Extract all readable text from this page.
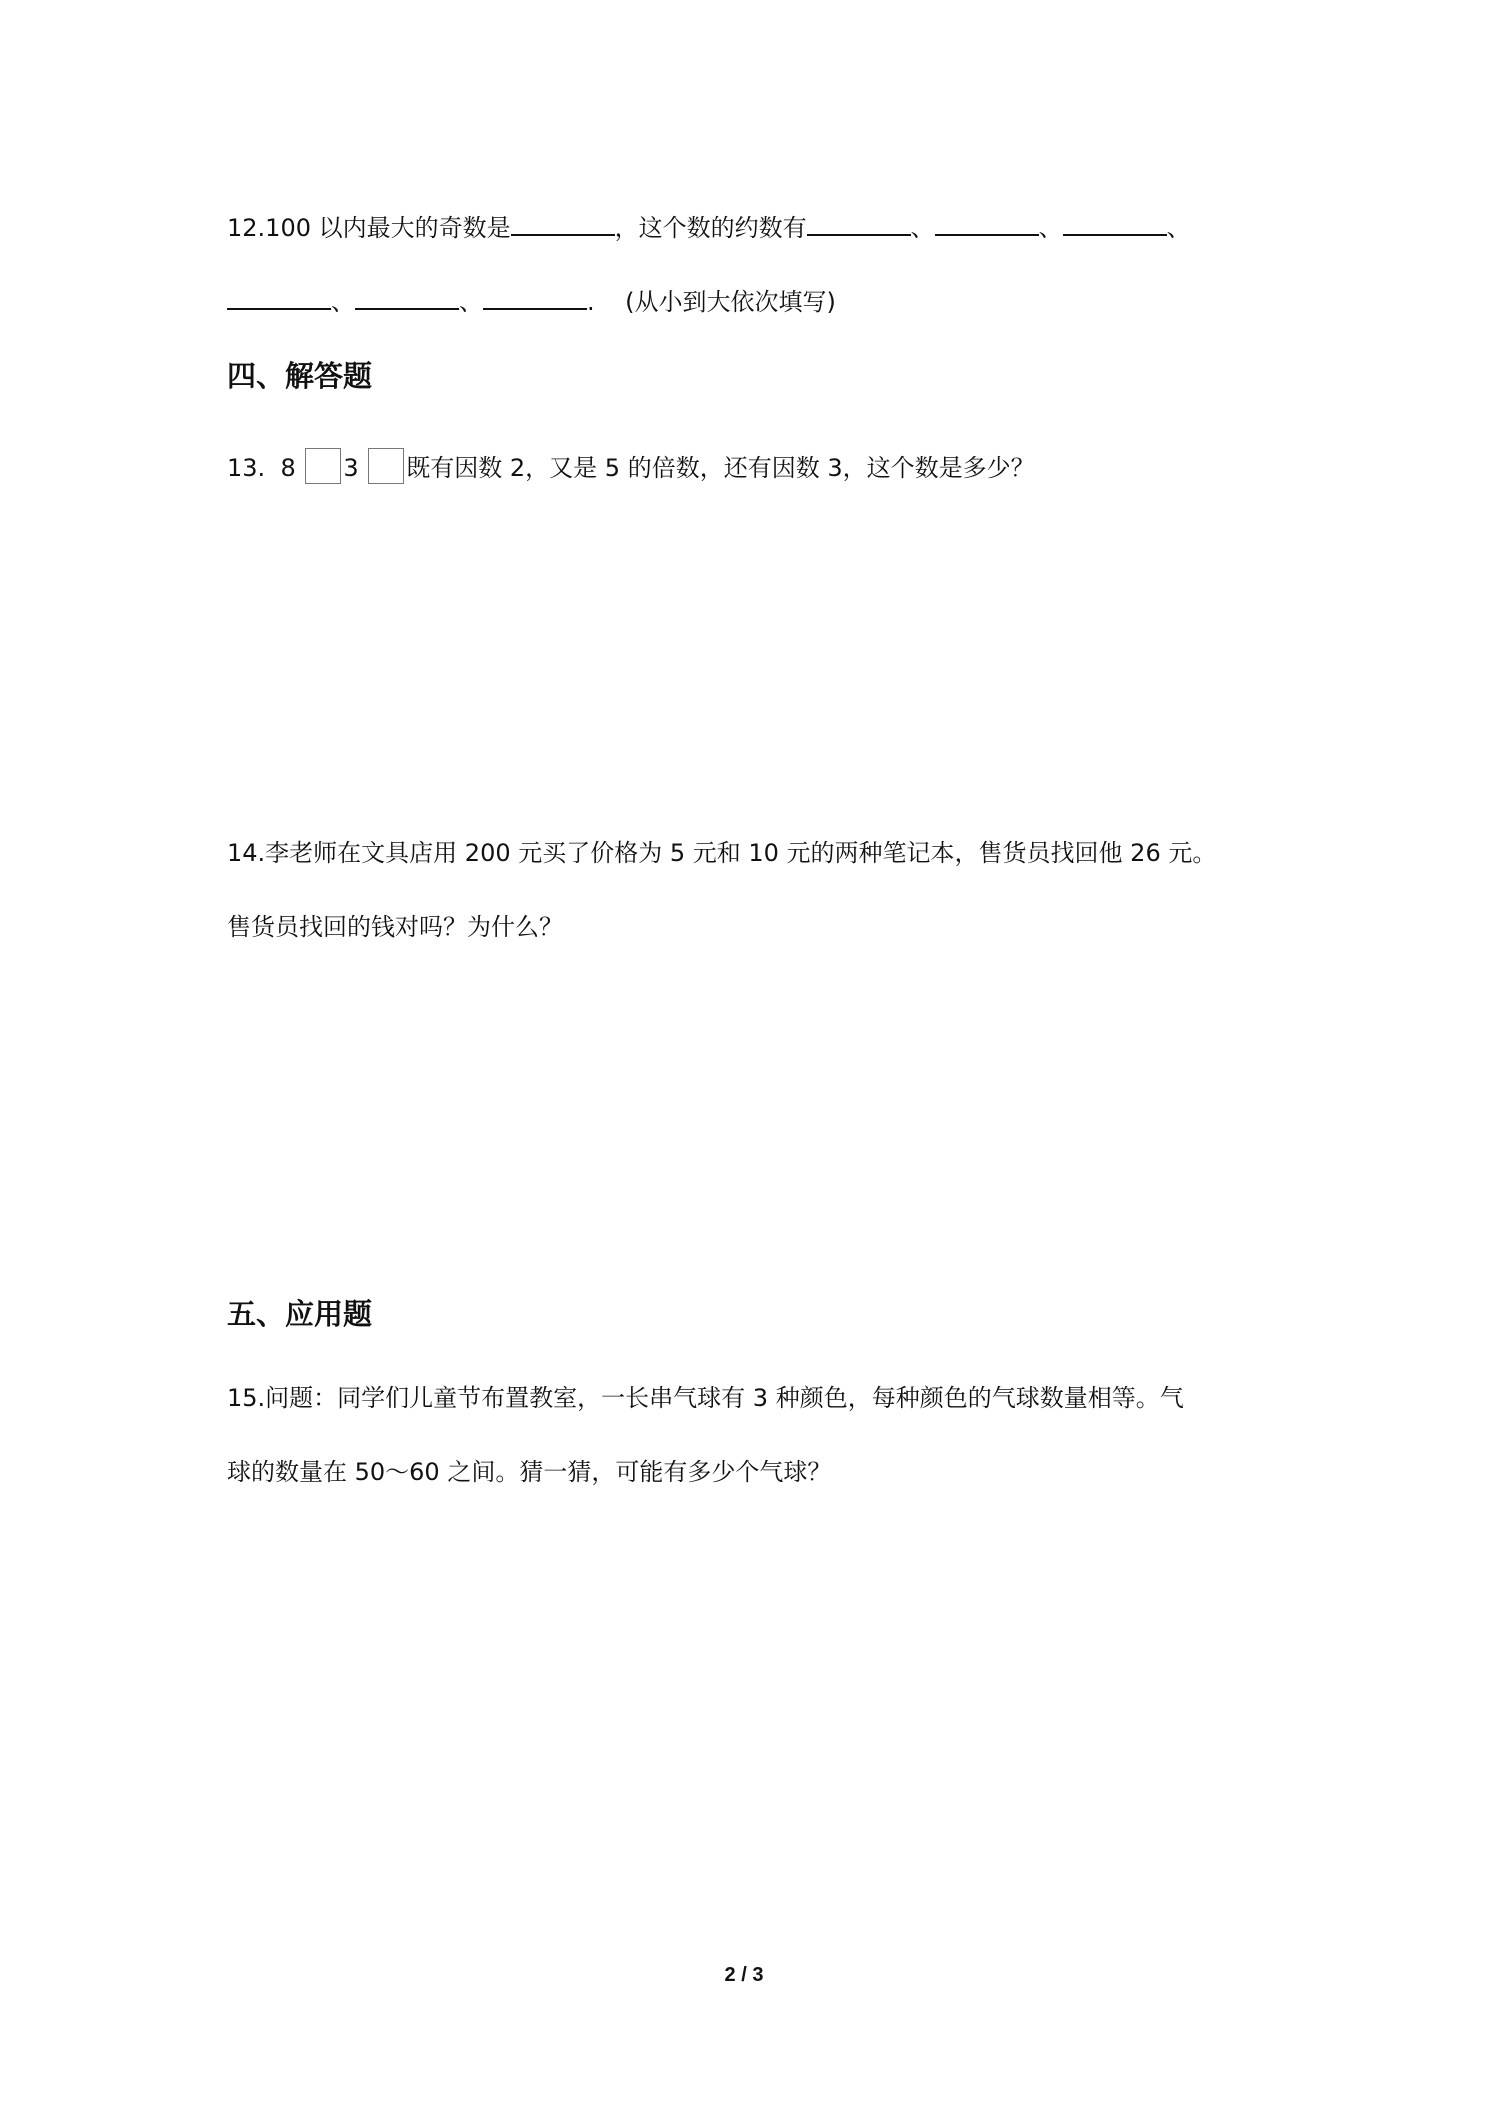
12.100 以内最大的奇数是	，这个数的约数有	、	、	、
、	、	. (从小到大依次填写)
四、解答题
13. 8 3 既有因数 2，又是 5 的倍数，还有因数 3，这个数是多少？
14.李老师在文具店用 200 元买了价格为 5 元和 10 元的两种笔记本，售货员找回他 26 元。
售货员找回的钱对吗？为什么？
五、应用题
15.问题：同学们儿童节布置教室，一长串气球有 3 种颜色，每种颜色的气球数量相等。气
球的数量在 50～60 之间。猜一猜，可能有多少个气球？
2 / 3
